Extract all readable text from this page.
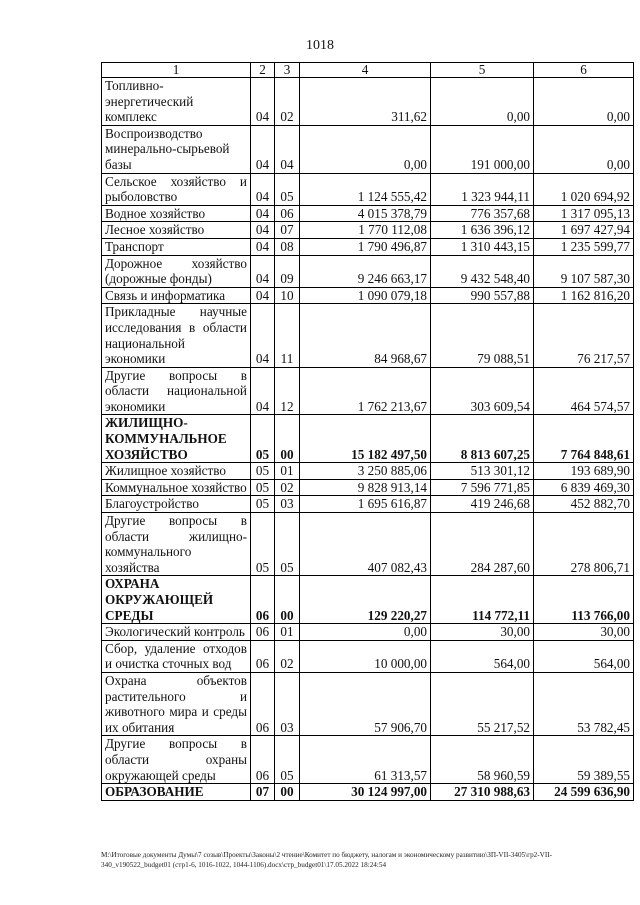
1018
1	2	3	4	5	6
Топливно-энергетический комплекс	04	02	311,62	0,00	0,00
Воспроизводство минерально-сырьевой базы	04	04	0,00	191 000,00	0,00
Сельское хозяйство и рыболовство	04	05	1 124 555,42	1 323 944,11	1 020 694,92
Водное хозяйство	04	06	4 015 378,79	776 357,68	1 317 095,13
Лесное хозяйство	04	07	1 770 112,08	1 636 396,12	1 697 427,94
Транспорт	04	08	1 790 496,87	1 310 443,15	1 235 599,77
Дорожное хозяйство (дорожные фонды)	04	09	9 246 663,17	9 432 548,40	9 107 587,30
Связь и информатика	04	10	1 090 079,18	990 557,88	1 162 816,20
Прикладные научные исследования в области национальной экономики	04	11	84 968,67	79 088,51	76 217,57
Другие вопросы в области национальной экономики	04	12	1 762 213,67	303 609,54	464 574,57
ЖИЛИЩНО-КОММУНАЛЬНОЕ ХОЗЯЙСТВО	05	00	15 182 497,50	8 813 607,25	7 764 848,61
Жилищное хозяйство	05	01	3 250 885,06	513 301,12	193 689,90
Коммунальное хозяйство	05	02	9 828 913,14	7 596 771,85	6 839 469,30
Благоустройство	05	03	1 695 616,87	419 246,68	452 882,70
Другие вопросы в области жилищно-коммунального хозяйства	05	05	407 082,43	284 287,60	278 806,71
ОХРАНА ОКРУЖАЮЩЕЙ СРЕДЫ	06	00	129 220,27	114 772,11	113 766,00
Экологический контроль	06	01	0,00	30,00	30,00
Сбор, удаление отходов и очистка сточных вод	06	02	10 000,00	564,00	564,00
Охрана объектов растительного и животного мира и среды их обитания	06	03	57 906,70	55 217,52	53 782,45
Другие вопросы в области охраны окружающей среды	06	05	61 313,57	58 960,59	59 389,55
ОБРАЗОВАНИЕ	07	00	30 124 997,00	27 310 988,63	24 599 636,90
M:\Итоговые документы Думы\7 созыв\Проекты\Законы\2 чтение\Комитет по бюджету, налогам и экономическому развитию\ЗП-VII-3405\гр2-VII-340_v190522_budget01 (стр1-6, 1016-1022, 1044-1106).docx\стр_budget01\17.05.2022 18:24:54
